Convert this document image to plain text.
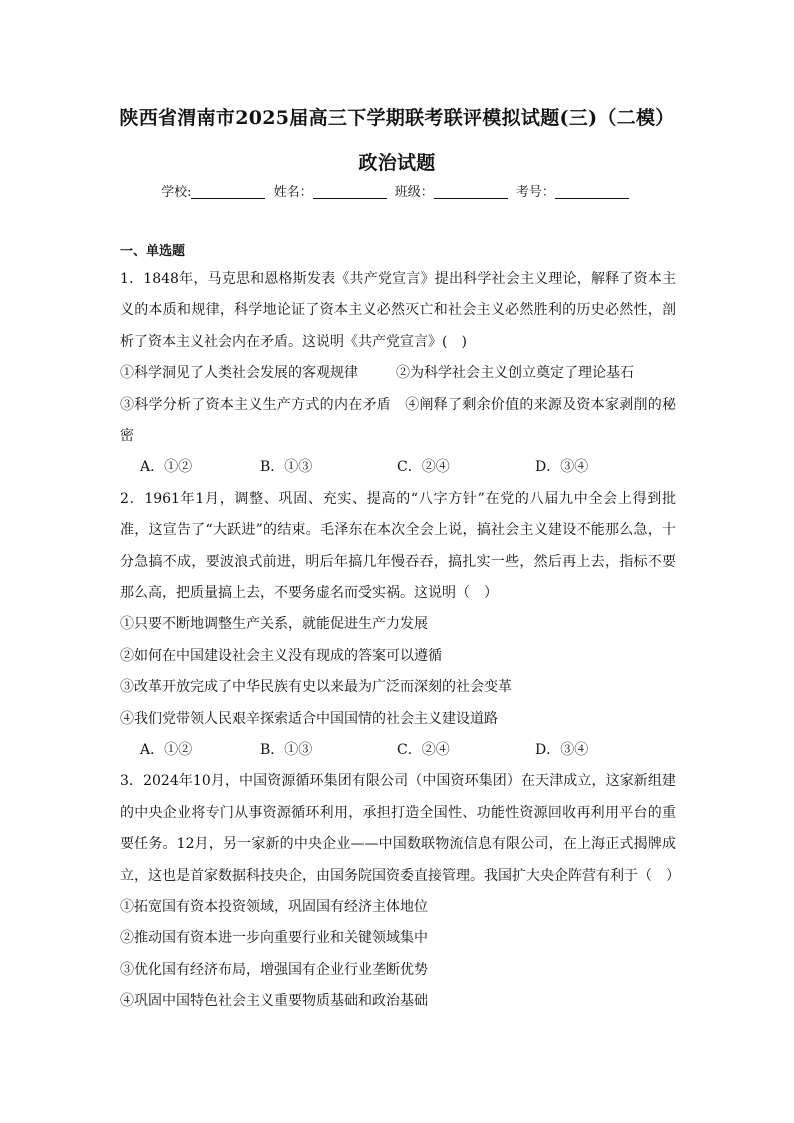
陕西省渭南市2025届高三下学期联考联评模拟试题(三)（二模）
政治试题
学校:	姓名：	班级：	考号：
一、单选题
1．1848年，马克思和恩格斯发表《共产党宣言》提出科学社会主义理论，解释了资本主义的本质和规律，科学地论证了资本主义必然灭亡和社会主义必然胜利的历史必然性，剖析了资本主义社会内在矛盾。这说明《共产党宣言》(　)
①科学洞见了人类社会发展的客观规律	②为科学社会主义创立奠定了理论基石
③科学分析了资本主义生产方式的内在矛盾 ④阐释了剩余价值的来源及资本家剥削的秘密
A．①②	B．①③	C．②④	D．③④
2．1961年1月，调整、巩固、充实、提高的“八字方针”在党的八届九中全会上得到批准，这宣告了“大跃进”的结束。毛泽东在本次全会上说，搞社会主义建设不能那么急，十分急搞不成，要波浪式前进，明后年搞几年慢吞吞，搞扎实一些，然后再上去，指标不要那么高，把质量搞上去，不要务虚名而受实祸。这说明（　）
①只要不断地调整生产关系，就能促进生产力发展
②如何在中国建设社会主义没有现成的答案可以遵循
③改革开放完成了中华民族有史以来最为广泛而深刻的社会变革
④我们党带领人民艰辛探索适合中国国情的社会主义建设道路
A．①②	B．①③	C．②④	D．③④
3．2024年10月，中国资源循环集团有限公司（中国资环集团）在天津成立，这家新组建的中央企业将专门从事资源循环利用，承担打造全国性、功能性资源回收再利用平台的重要任务。12月，另一家新的中央企业——中国数联物流信息有限公司，在上海正式揭牌成立，这也是首家数据科技央企，由国务院国资委直接管理。我国扩大央企阵营有利于（　）
①拓宽国有资本投资领域，巩固国有经济主体地位
②推动国有资本进一步向重要行业和关键领域集中
③优化国有经济布局，增强国有企业行业垄断优势
④巩固中国特色社会主义重要物质基础和政治基础
